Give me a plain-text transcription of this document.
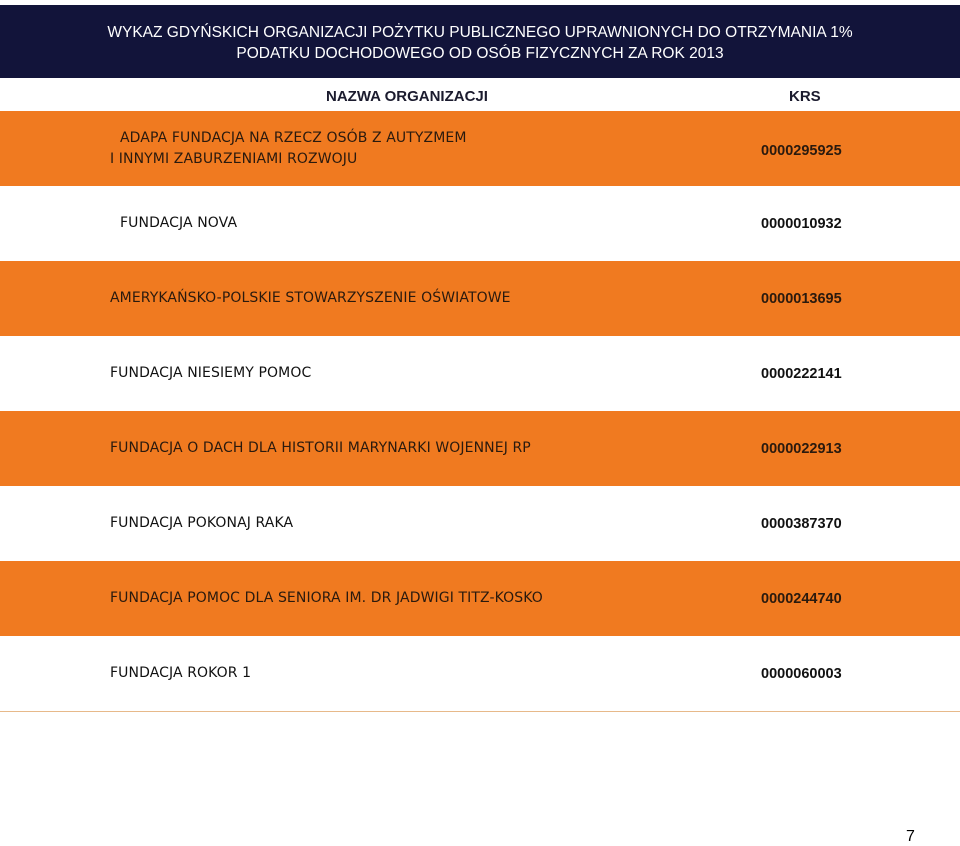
WYKAZ GDYŃSKICH ORGANIZACJI POŻYTKU PUBLICZNEGO UPRAWNIONYCH DO OTRZYMANIA 1%
PODATKU DOCHODOWEGO OD OSÓB FIZYCZNYCH ZA ROK 2013
NAZWA ORGANIZACJI	KRS
ADAPA FUNDACJA NA RZECZ OSÓB Z AUTYZMEM
I INNYMI ZABURZENIAMI ROZWOJU	0000295925
FUNDACJA NOVA	0000010932
AMERYKAŃSKO-POLSKIE STOWARZYSZENIE OŚWIATOWE	0000013695
FUNDACJA NIESIEMY POMOC	0000222141
FUNDACJA O DACH DLA HISTORII MARYNARKI WOJENNEJ RP	0000022913
FUNDACJA POKONAJ RAKA	0000387370
FUNDACJA POMOC DLA SENIORA IM. DR JADWIGI TITZ-KOSKO	0000244740
FUNDACJA ROKOR 1	0000060003
7
